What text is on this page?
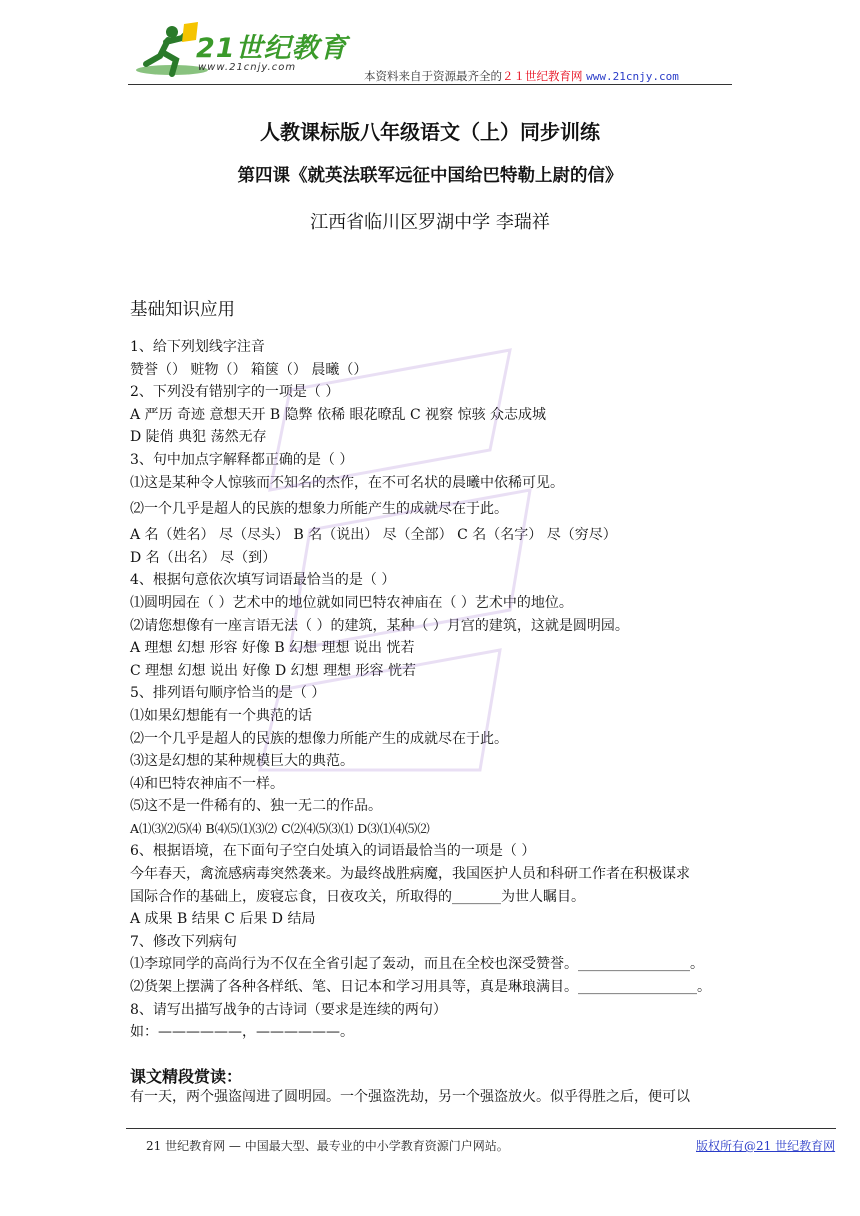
21世纪教育
www.21cnjy.com
本资料来自于资源最齐全的２１世纪教育网 www.21cnjy.com
人教课标版八年级语文（上）同步训练
第四课《就英法联军远征中国给巴特勒上尉的信》
江西省临川区罗湖中学 李瑞祥
基础知识应用
1、给下列划线字注音
赞誉（） 赃物（） 箱箧（） 晨曦（）
2、下列没有错别字的一项是（ ）
A 严历 奇迹 意想天开 B 隐弊 依稀 眼花暸乱 C 视察 惊骇 众志成城
D 陡俏 典犯 荡然无存
3、句中加点字解释都正确的是（ ）
⑴这是某种令人惊骇而不知名的杰作，在不可名状的晨曦中依稀可见。
⑵一个几乎是超人的民族的想象力所能产生的成就尽在于此。
A 名（姓名） 尽（尽头） B 名（说出） 尽（全部） C 名（名字） 尽（穷尽）
D 名（出名） 尽（到）
4、根据句意依次填写词语最恰当的是（ ）
⑴圆明园在（ ）艺术中的地位就如同巴特农神庙在（ ）艺术中的地位。
⑵请您想像有一座言语无法（ ）的建筑，某种（ ）月宫的建筑，这就是圆明园。
A 理想 幻想 形容 好像 B 幻想 理想 说出 恍若
C 理想 幻想 说出 好像 D 幻想 理想 形容 恍若
5、排列语句顺序恰当的是（ ）
⑴如果幻想能有一个典范的话
⑵一个几乎是超人的民族的想像力所能产生的成就尽在于此。
⑶这是幻想的某种规模巨大的典范。
⑷和巴特农神庙不一样。
⑸这不是一件稀有的、独一无二的作品。
A⑴⑶⑵⑸⑷ B⑷⑸⑴⑶⑵ C⑵⑷⑸⑶⑴ D⑶⑴⑷⑸⑵
6、根据语境，在下面句子空白处填入的词语最恰当的一项是（ ）
今年春天，禽流感病毒突然袭来。为最终战胜病魔，我国医护人员和科研工作者在积极谋求
国际合作的基础上，废寝忘食，日夜攻关，所取得的_______为世人瞩目。
A 成果 B 结果 C 后果 D 结局
7、修改下列病句
⑴李琼同学的高尚行为不仅在全省引起了轰动，而且在全校也深受赞誉。________________。
⑵货架上摆满了各种各样纸、笔、日记本和学习用具等，真是琳琅满目。_________________。
8、请写出描写战争的古诗词（要求是连续的两句）
如：——————，——————。
课文精段赏读：
有一天，两个强盗闯进了圆明园。一个强盗洗劫，另一个强盗放火。似乎得胜之后，便可以
21 世纪教育网 — 中国最大型、最专业的中小学教育资源门户网站。	版权所有@21 世纪教育网
